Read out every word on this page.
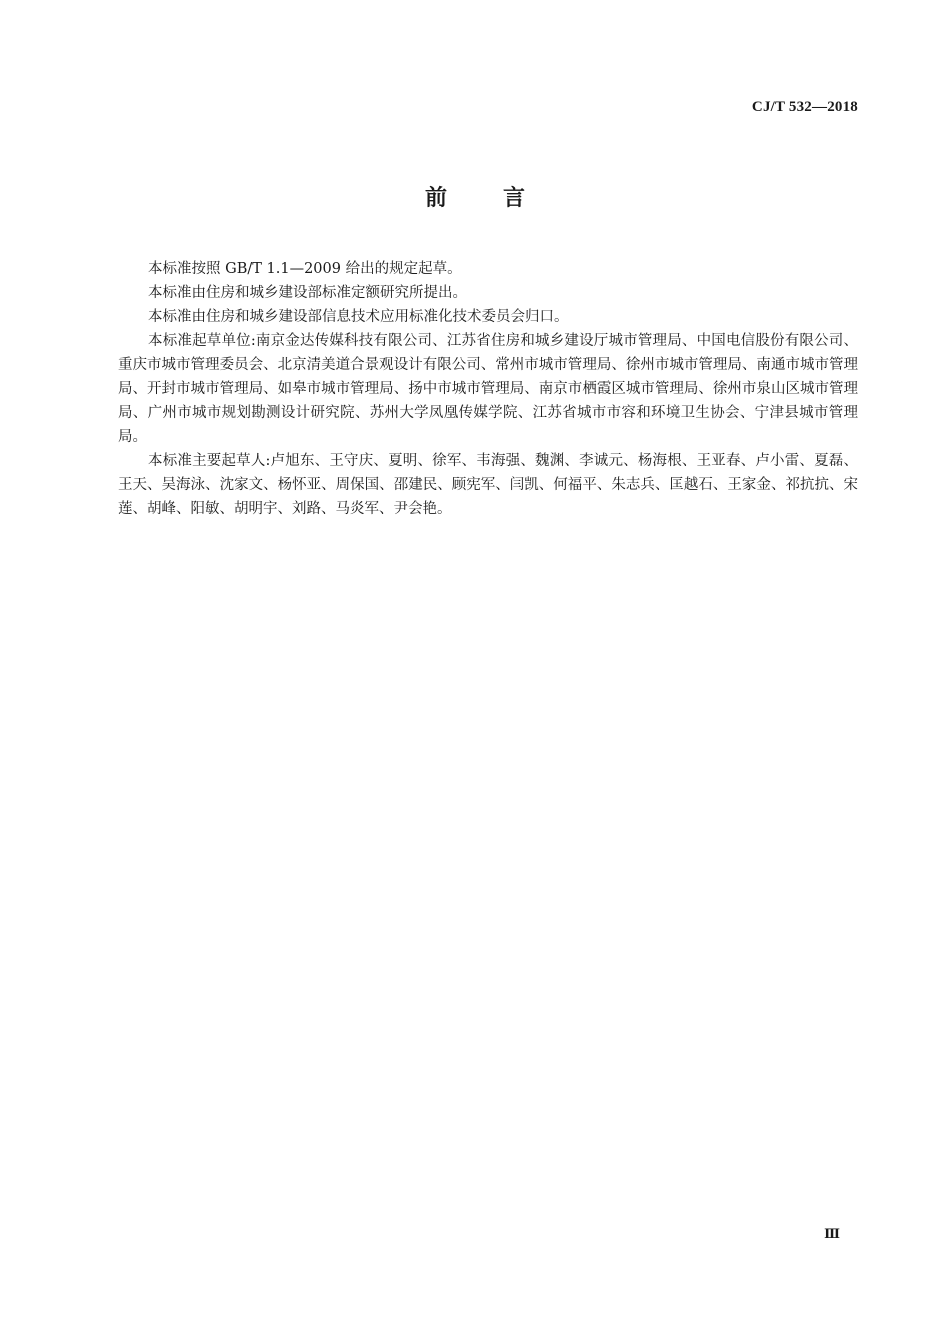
CJ/T 532—2018
前言

本标准按照 GB/T 1.1—2009 给出的规定起草。

本标准由住房和城乡建设部标准定额研究所提出。

本标准由住房和城乡建设部信息技术应用标准化技术委员会归口。

本标准起草单位:南京金达传媒科技有限公司、江苏省住房和城乡建设厅城市管理局、中国电信股份有限公司、重庆市城市管理委员会、北京清美道合景观设计有限公司、常州市城市管理局、徐州市城市管理局、南通市城市管理局、开封市城市管理局、如皋市城市管理局、扬中市城市管理局、南京市栖霞区城市管理局、徐州市泉山区城市管理局、广州市城市规划勘测设计研究院、苏州大学凤凰传媒学院、江苏省城市市容和环境卫生协会、宁津县城市管理局。

本标准主要起草人:卢旭东、王守庆、夏明、徐军、韦海强、魏渊、李诚元、杨海根、王亚春、卢小雷、夏磊、王天、吴海泳、沈家文、杨怀亚、周保国、邵建民、顾宪军、闫凯、何福平、朱志兵、匡越石、王家金、祁抗抗、宋莲、胡峰、阳敏、胡明宇、刘路、马炎军、尹会艳。

Ⅲ
